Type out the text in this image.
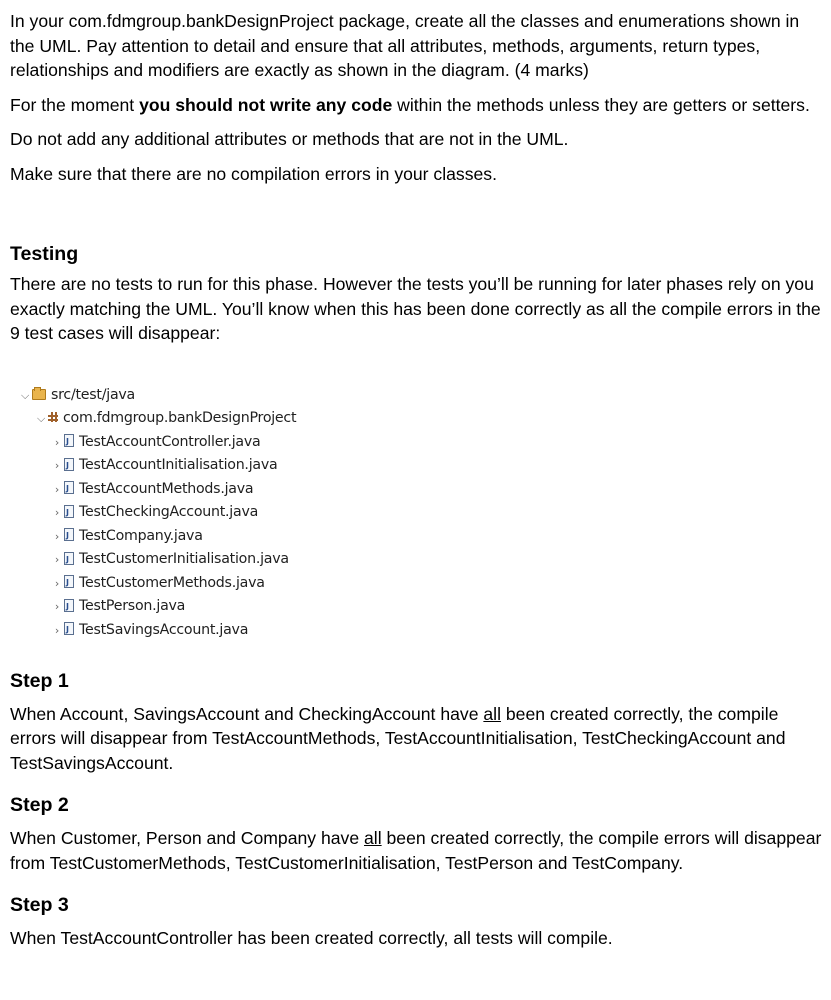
In your com.fdmgroup.bankDesignProject package, create all the classes and enumerations shown in the UML. Pay attention to detail and ensure that all attributes, methods, arguments, return types, relationships and modifiers are exactly as shown in the diagram. (4 marks)

For the moment you should not write any code within the methods unless they are getters or setters.

Do not add any additional attributes or methods that are not in the UML.

Make sure that there are no compilation errors in your classes.

Testing

There are no tests to run for this phase. However the tests you’ll be running for later phases rely on you exactly matching the UML. You’ll know when this has been done correctly as all the compile errors in the 9 test cases will disappear:

Step 1

When Account, SavingsAccount and CheckingAccount have all been created correctly, the compile errors will disappear from TestAccountMethods, TestAccountInitialisation, TestCheckingAccount and TestSavingsAccount.

Step 2

When Customer, Person and Company have all been created correctly, the compile errors will disappear from TestCustomerMethods, TestCustomerInitialisation, TestPerson and TestCompany.

Step 3

When TestAccountController has been created correctly, all tests will compile.

⌵ src/test/java
⌵ com.fdmgroup.bankDesignProject
› J TestAccountController.java
› J TestAccountInitialisation.java
› J TestAccountMethods.java
› J TestCheckingAccount.java
› J TestCompany.java
› J TestCustomerInitialisation.java
› J TestCustomerMethods.java
› J TestPerson.java
› J TestSavingsAccount.java
